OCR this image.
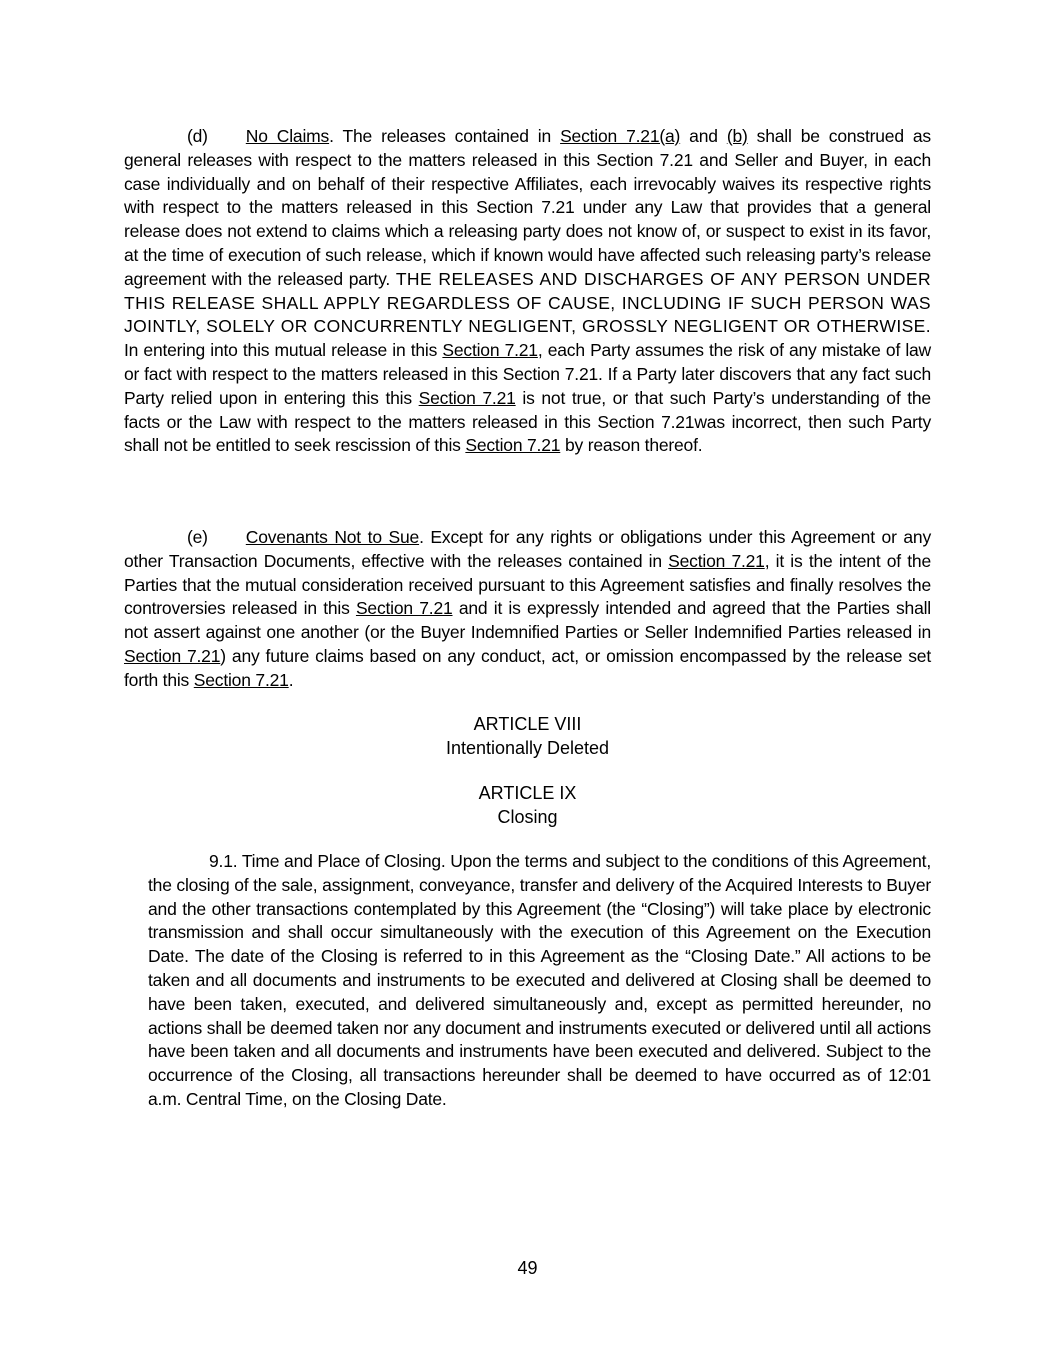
(d) No Claims. The releases contained in Section 7.21(a) and (b) shall be construed as general releases with respect to the matters released in this Section 7.21 and Seller and Buyer, in each case individually and on behalf of their respective Affiliates, each irrevocably waives its respective rights with respect to the matters released in this Section 7.21 under any Law that provides that a general release does not extend to claims which a releasing party does not know of, or suspect to exist in its favor, at the time of execution of such release, which if known would have affected such releasing party’s release agreement with the released party. THE RELEASES AND DISCHARGES OF ANY PERSON UNDER THIS RELEASE SHALL APPLY REGARDLESS OF CAUSE, INCLUDING IF SUCH PERSON WAS JOINTLY, SOLELY OR CONCURRENTLY NEGLIGENT, GROSSLY NEGLIGENT OR OTHERWISE. In entering into this mutual release in this Section 7.21, each Party assumes the risk of any mistake of law or fact with respect to the matters released in this Section 7.21. If a Party later discovers that any fact such Party relied upon in entering this this Section 7.21 is not true, or that such Party’s understanding of the facts or the Law with respect to the matters released in this Section 7.21was incorrect, then such Party shall not be entitled to seek rescission of this Section 7.21 by reason thereof.

(e) Covenants Not to Sue. Except for any rights or obligations under this Agreement or any other Transaction Documents, effective with the releases contained in Section 7.21, it is the intent of the Parties that the mutual consideration received pursuant to this Agreement satisfies and finally resolves the controversies released in this Section 7.21 and it is expressly intended and agreed that the Parties shall not assert against one another (or the Buyer Indemnified Parties or Seller Indemnified Parties released in Section 7.21) any future claims based on any conduct, act, or omission encompassed by the release set forth this Section 7.21.

ARTICLE VIII
Intentionally Deleted
ARTICLE IX
Closing

9.1. Time and Place of Closing. Upon the terms and subject to the conditions of this Agreement, the closing of the sale, assignment, conveyance, transfer and delivery of the Acquired Interests to Buyer and the other transactions contemplated by this Agreement (the “Closing”) will take place by electronic transmission and shall occur simultaneously with the execution of this Agreement on the Execution Date. The date of the Closing is referred to in this Agreement as the “Closing Date.” All actions to be taken and all documents and instruments to be executed and delivered at Closing shall be deemed to have been taken, executed, and delivered simultaneously and, except as permitted hereunder, no actions shall be deemed taken nor any document and instruments executed or delivered until all actions have been taken and all documents and instruments have been executed and delivered. Subject to the occurrence of the Closing, all transactions hereunder shall be deemed to have occurred as of 12:01 a.m. Central Time, on the Closing Date.

49
